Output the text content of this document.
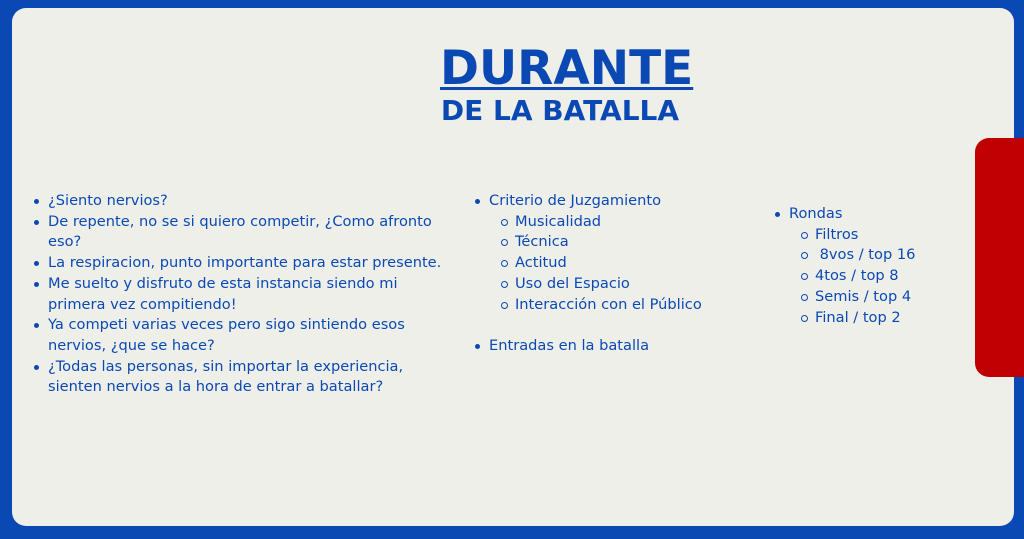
DURANTE
DE LA BATALLA
¿Siento nervios?
De repente, no se si quiero competir, ¿Como afronto eso?
La respiracion, punto importante para estar presente.
Me suelto y disfruto de esta instancia siendo mi primera vez compitiendo!
Ya competi varias veces pero sigo sintiendo esos nervios, ¿que se hace?
¿Todas las personas, sin importar la experiencia, sienten nervios a la hora de entrar a batallar?
Criterio de Juzgamiento
Musicalidad
Técnica
Actitud
Uso del Espacio
Interacción con el Público
Entradas en la batalla
Rondas
Filtros
8vos / top 16
4tos / top 8
Semis / top 4
Final / top 2
